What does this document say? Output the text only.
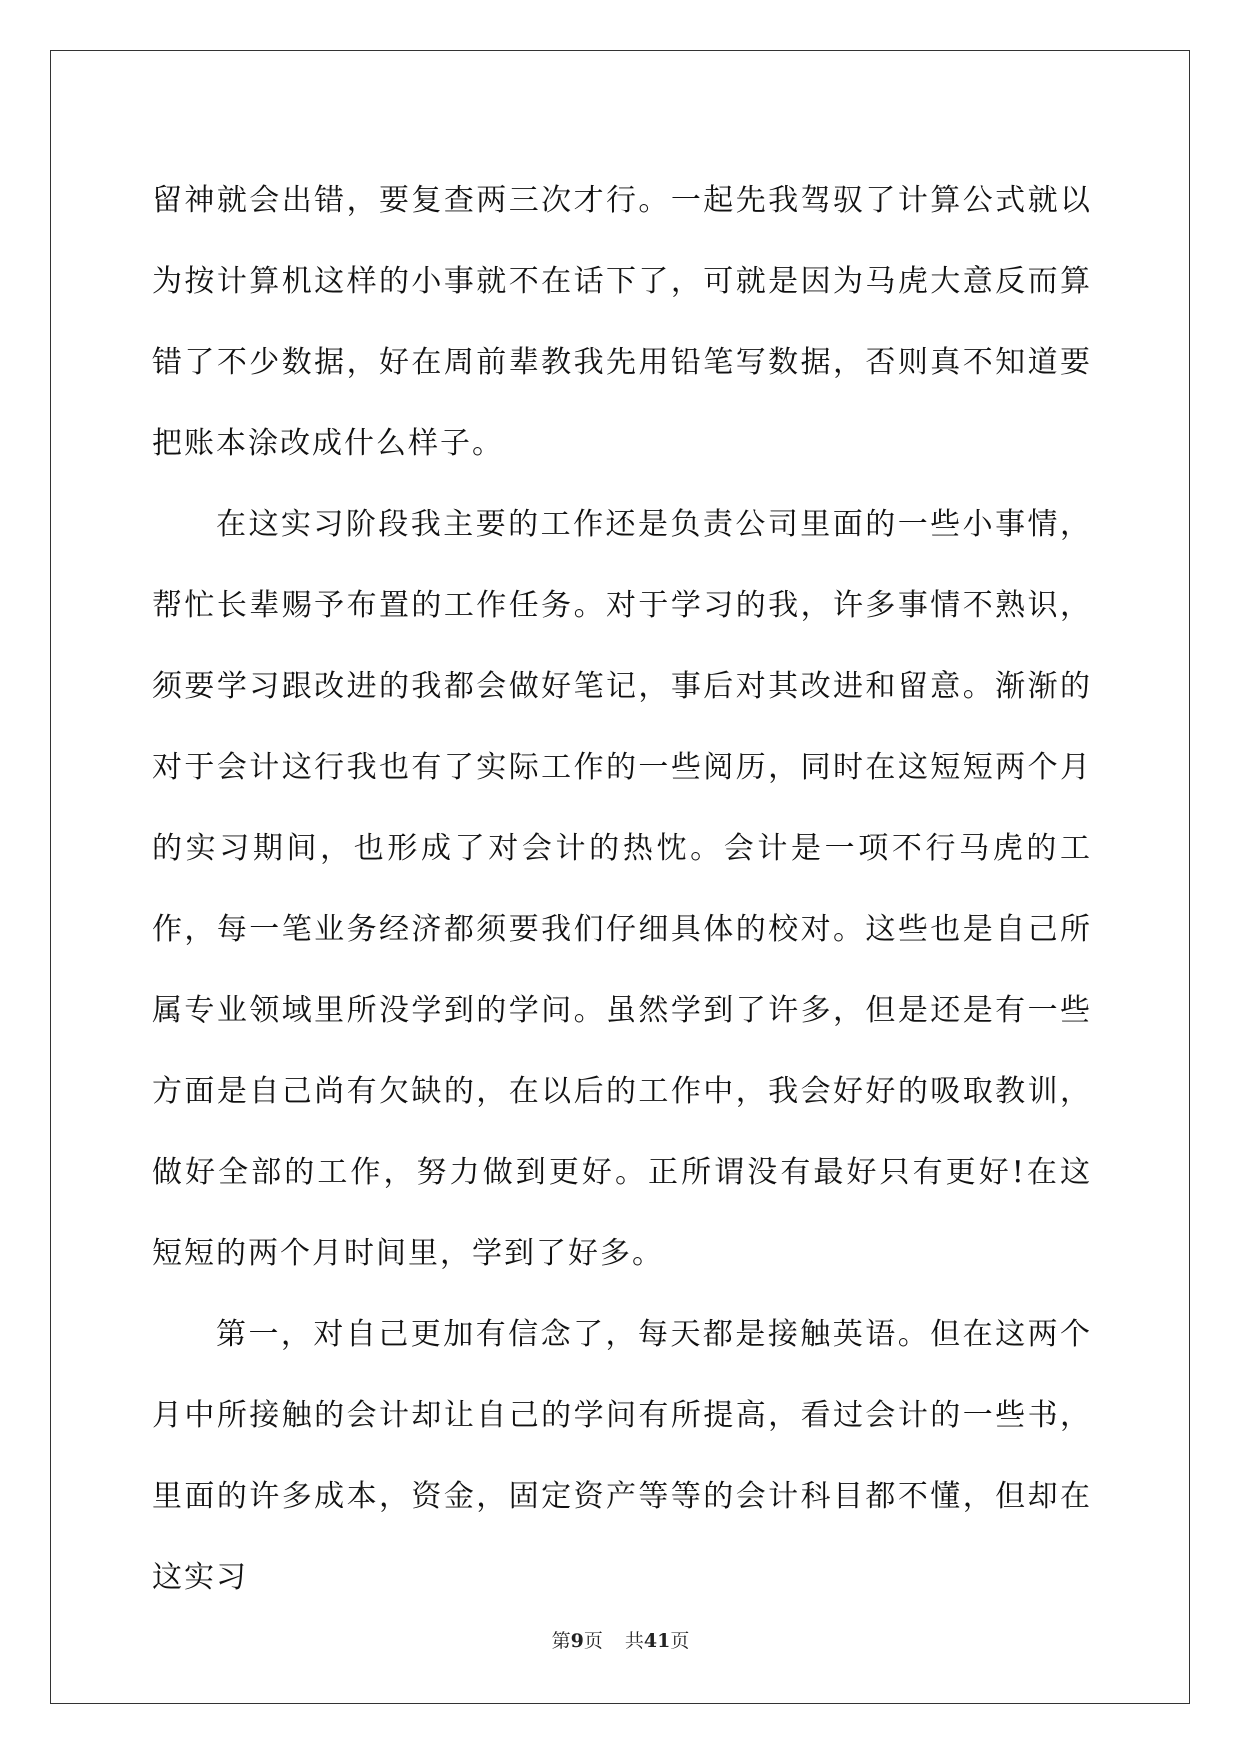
留神就会出错，要复查两三次才行。一起先我驾驭了计算公式就以为按计算机这样的小事就不在话下了，可就是因为马虎大意反而算错了不少数据，好在周前辈教我先用铅笔写数据，否则真不知道要把账本涂改成什么样子。

在这实习阶段我主要的工作还是负责公司里面的一些小事情，帮忙长辈赐予布置的工作任务。对于学习的我，许多事情不熟识，须要学习跟改进的我都会做好笔记，事后对其改进和留意。渐渐的对于会计这行我也有了实际工作的一些阅历，同时在这短短两个月的实习期间，也形成了对会计的热忱。会计是一项不行马虎的工作，每一笔业务经济都须要我们仔细具体的校对。这些也是自己所属专业领域里所没学到的学问。虽然学到了许多，但是还是有一些方面是自己尚有欠缺的，在以后的工作中，我会好好的吸取教训，做好全部的工作，努力做到更好。正所谓没有最好只有更好!在这短短的两个月时间里，学到了好多。

第一，对自己更加有信念了，每天都是接触英语。但在这两个月中所接触的会计却让自己的学问有所提高，看过会计的一些书，里面的许多成本，资金，固定资产等等的会计科目都不懂，但却在这实习

第9页 共41页
